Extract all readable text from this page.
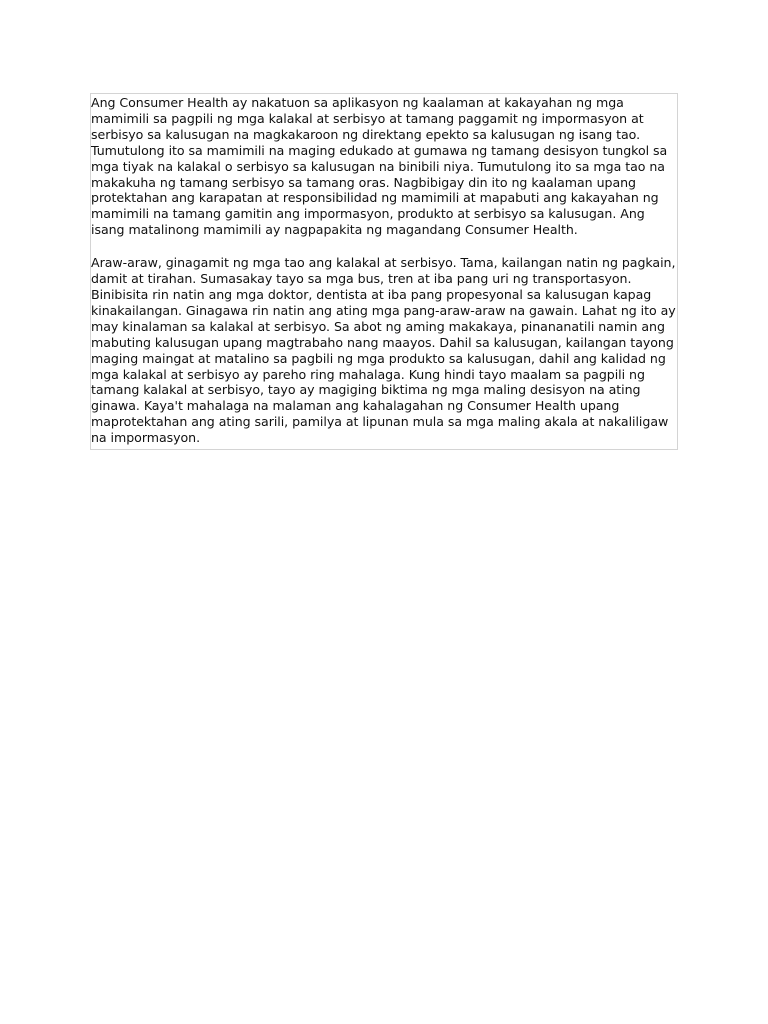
Ang Consumer Health ay nakatuon sa aplikasyon ng kaalaman at kakayahan ng mga mamimili sa pagpili ng mga kalakal at serbisyo at tamang paggamit ng impormasyon at serbisyo sa kalusugan na magkakaroon ng direktang epekto sa kalusugan ng isang tao. Tumutulong ito sa mamimili na maging edukado at gumawa ng tamang desisyon tungkol sa mga tiyak na kalakal o serbisyo sa kalusugan na binibili niya. Tumutulong ito sa mga tao na makakuha ng tamang serbisyo sa tamang oras. Nagbibigay din ito ng kaalaman upang protektahan ang karapatan at responsibilidad ng mamimili at mapabuti ang kakayahan ng mamimili na tamang gamitin ang impormasyon, produkto at serbisyo sa kalusugan. Ang isang matalinong mamimili ay nagpapakita ng magandang Consumer Health.

Araw-araw, ginagamit ng mga tao ang kalakal at serbisyo. Tama, kailangan natin ng pagkain, damit at tirahan. Sumasakay tayo sa mga bus, tren at iba pang uri ng transportasyon. Binibisita rin natin ang mga doktor, dentista at iba pang propesyonal sa kalusugan kapag kinakailangan. Ginagawa rin natin ang ating mga pang-araw-araw na gawain. Lahat ng ito ay may kinalaman sa kalakal at serbisyo. Sa abot ng aming makakaya, pinananatili namin ang mabuting kalusugan upang magtrabaho nang maayos. Dahil sa kalusugan, kailangan tayong maging maingat at matalino sa pagbili ng mga produkto sa kalusugan, dahil ang kalidad ng mga kalakal at serbisyo ay pareho ring mahalaga. Kung hindi tayo maalam sa pagpili ng tamang kalakal at serbisyo, tayo ay magiging biktima ng mga maling desisyon na ating ginawa. Kaya't mahalaga na malaman ang kahalagahan ng Consumer Health upang maprotektahan ang ating sarili, pamilya at lipunan mula sa mga maling akala at nakaliligaw na impormasyon.
